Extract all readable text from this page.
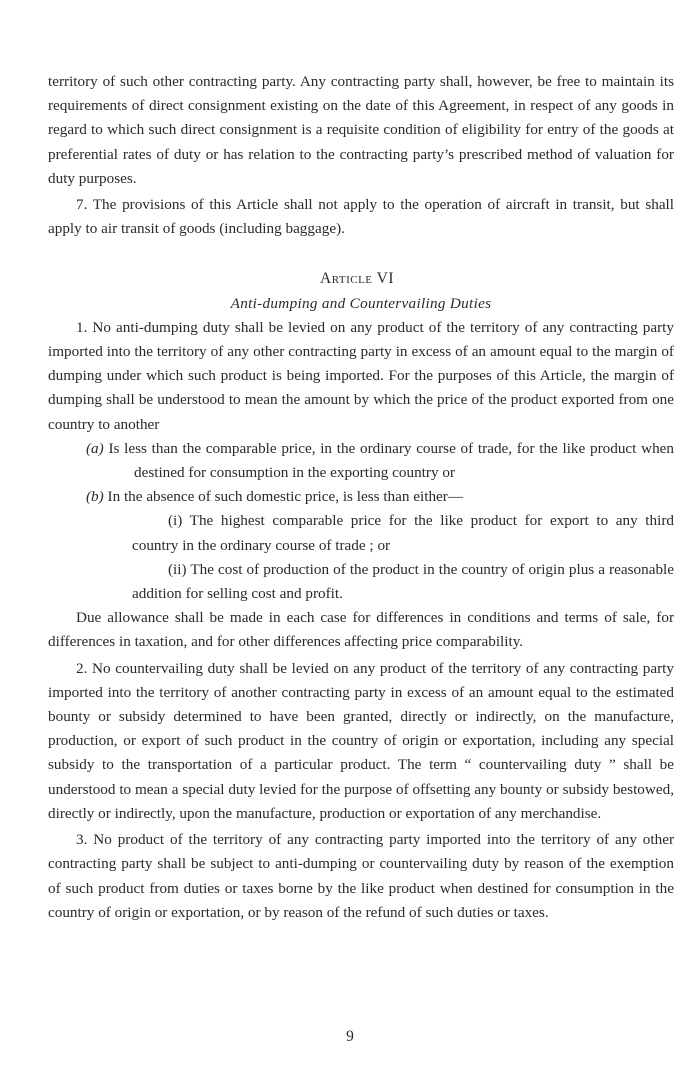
territory of such other contracting party. Any contracting party shall, however, be free to maintain its requirements of direct consignment existing on the date of this Agreement, in respect of any goods in regard to which such direct consignment is a requisite condition of eligibility for entry of the goods at preferential rates of duty or has relation to the contracting party’s prescribed method of valuation for duty purposes.

7. The provisions of this Article shall not apply to the operation of aircraft in transit, but shall apply to air transit of goods (including baggage).

Article VI

Anti-dumping and Countervailing Duties

1. No anti-dumping duty shall be levied on any product of the territory of any contracting party imported into the territory of any other contracting party in excess of an amount equal to the margin of dumping under which such product is being imported. For the purposes of this Article, the margin of dumping shall be understood to mean the amount by which the price of the product exported from one country to another

(a) Is less than the comparable price, in the ordinary course of trade, for the like product when destined for consumption in the exporting country or

(b) In the absence of such domestic price, is less than either—

(i) The highest comparable price for the like product for export to any third country in the ordinary course of trade ; or

(ii) The cost of production of the product in the country of origin plus a reasonable addition for selling cost and profit.

Due allowance shall be made in each case for differences in conditions and terms of sale, for differences in taxation, and for other differences affecting price comparability.

2. No countervailing duty shall be levied on any product of the territory of any contracting party imported into the territory of another contracting party in excess of an amount equal to the estimated bounty or subsidy determined to have been granted, directly or indirectly, on the manufacture, production, or export of such product in the country of origin or exportation, including any special subsidy to the transportation of a particular product. The term “ countervailing duty ” shall be understood to mean a special duty levied for the purpose of offsetting any bounty or subsidy bestowed, directly or indirectly, upon the manufacture, production or exportation of any merchandise.

3. No product of the territory of any contracting party imported into the territory of any other contracting party shall be subject to anti-dumping or countervailing duty by reason of the exemption of such product from duties or taxes borne by the like product when destined for consumption in the country of origin or exportation, or by reason of the refund of such duties or taxes.

9
